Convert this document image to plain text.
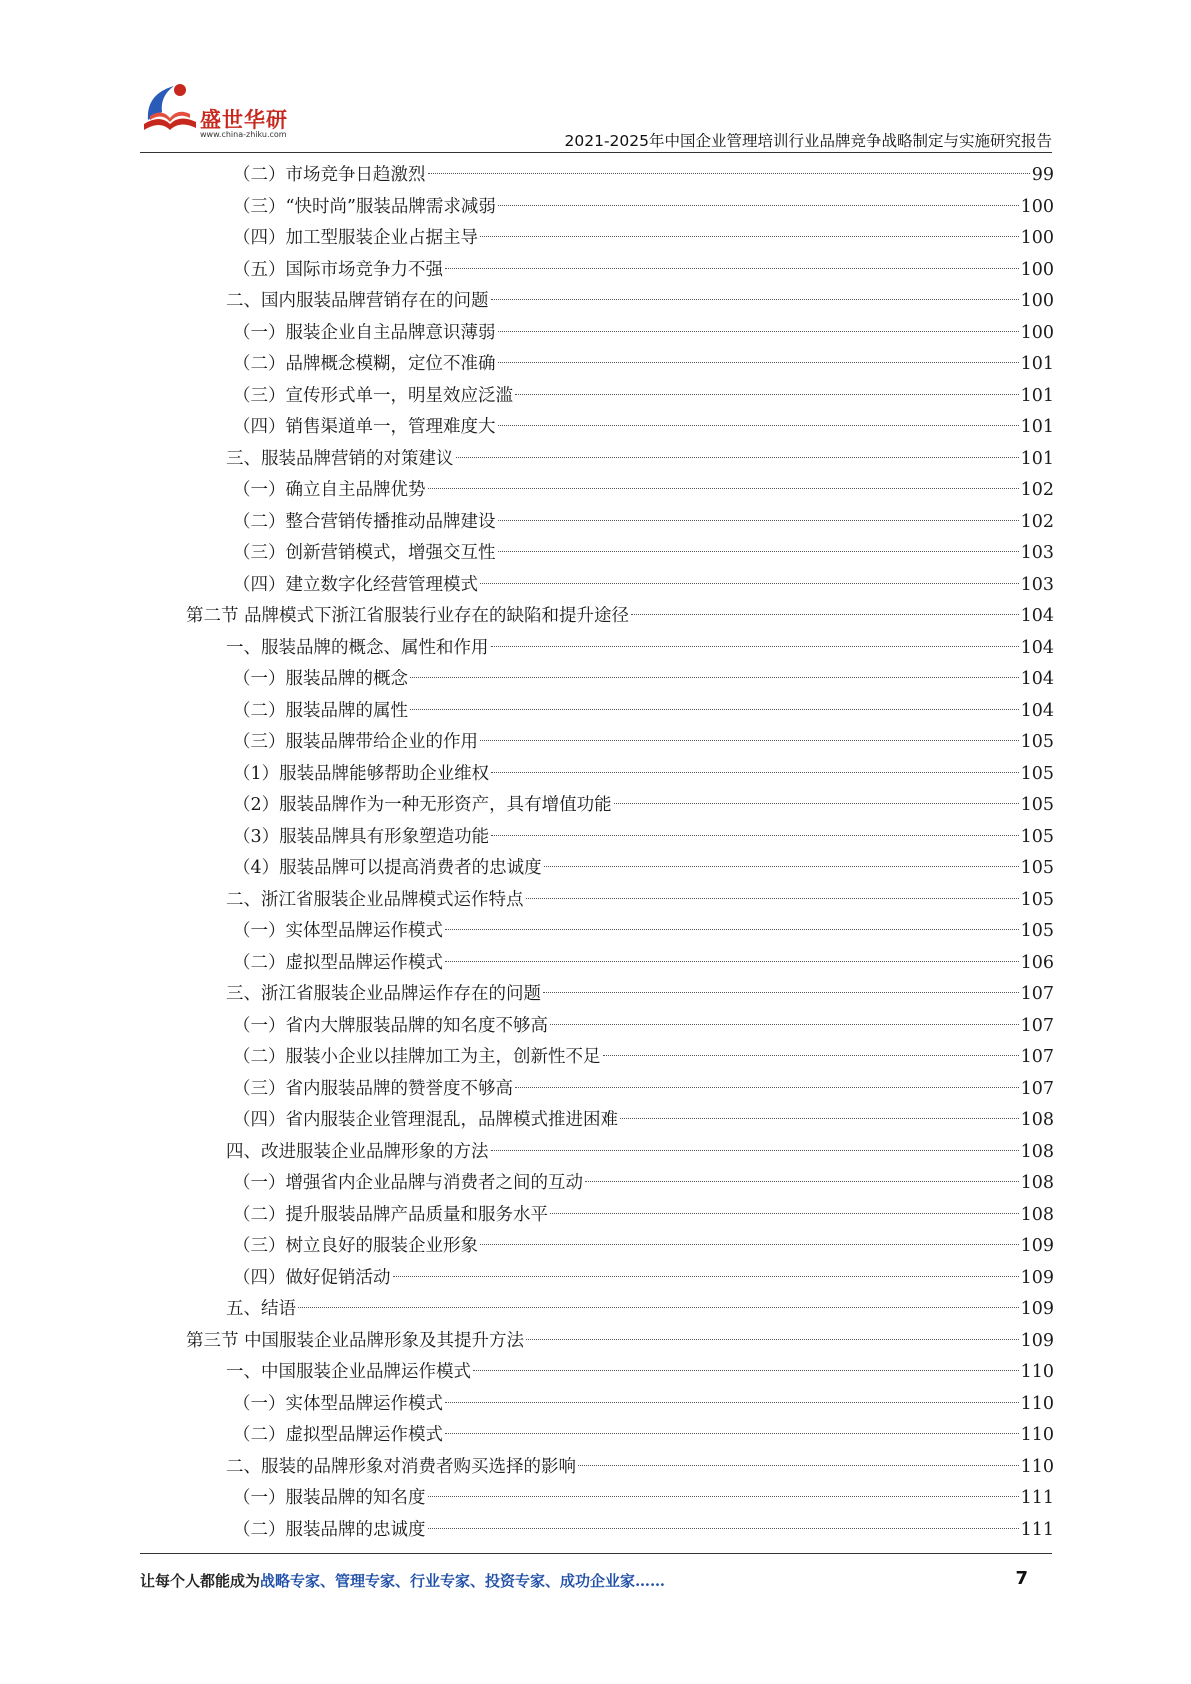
盛世华研
www.china-zhiku.com	2021-2025年中国企业管理培训行业品牌竞争战略制定与实施研究报告
（二）市场竞争日趋激烈	99
（三）“快时尚”服装品牌需求减弱	100
（四）加工型服装企业占据主导	100
（五）国际市场竞争力不强	100
二、国内服装品牌营销存在的问题	100
（一）服装企业自主品牌意识薄弱	100
（二）品牌概念模糊，定位不准确	101
（三）宣传形式单一，明星效应泛滥	101
（四）销售渠道单一，管理难度大	101
三、服装品牌营销的对策建议	101
（一）确立自主品牌优势	102
（二）整合营销传播推动品牌建设	102
（三）创新营销模式，增强交互性	103
（四）建立数字化经营管理模式	103
第二节 品牌模式下浙江省服装行业存在的缺陷和提升途径	104
一、服装品牌的概念、属性和作用	104
（一）服装品牌的概念	104
（二）服装品牌的属性	104
（三）服装品牌带给企业的作用	105
（1）服装品牌能够帮助企业维权	105
（2）服装品牌作为一种无形资产，具有增值功能	105
（3）服装品牌具有形象塑造功能	105
（4）服装品牌可以提高消费者的忠诚度	105
二、浙江省服装企业品牌模式运作特点	105
（一）实体型品牌运作模式	105
（二）虚拟型品牌运作模式	106
三、浙江省服装企业品牌运作存在的问题	107
（一）省内大牌服装品牌的知名度不够高	107
（二）服装小企业以挂牌加工为主，创新性不足	107
（三）省内服装品牌的赞誉度不够高	107
（四）省内服装企业管理混乱，品牌模式推进困难	108
四、改进服装企业品牌形象的方法	108
（一）增强省内企业品牌与消费者之间的互动	108
（二）提升服装品牌产品质量和服务水平	108
（三）树立良好的服装企业形象	109
（四）做好促销活动	109
五、结语	109
第三节 中国服装企业品牌形象及其提升方法	109
一、中国服装企业品牌运作模式	110
（一）实体型品牌运作模式	110
（二）虚拟型品牌运作模式	110
二、服装的品牌形象对消费者购买选择的影响	110
（一）服装品牌的知名度	111
（二）服装品牌的忠诚度	111
让每个人都能成为战略专家、管理专家、行业专家、投资专家、成功企业家……	7
